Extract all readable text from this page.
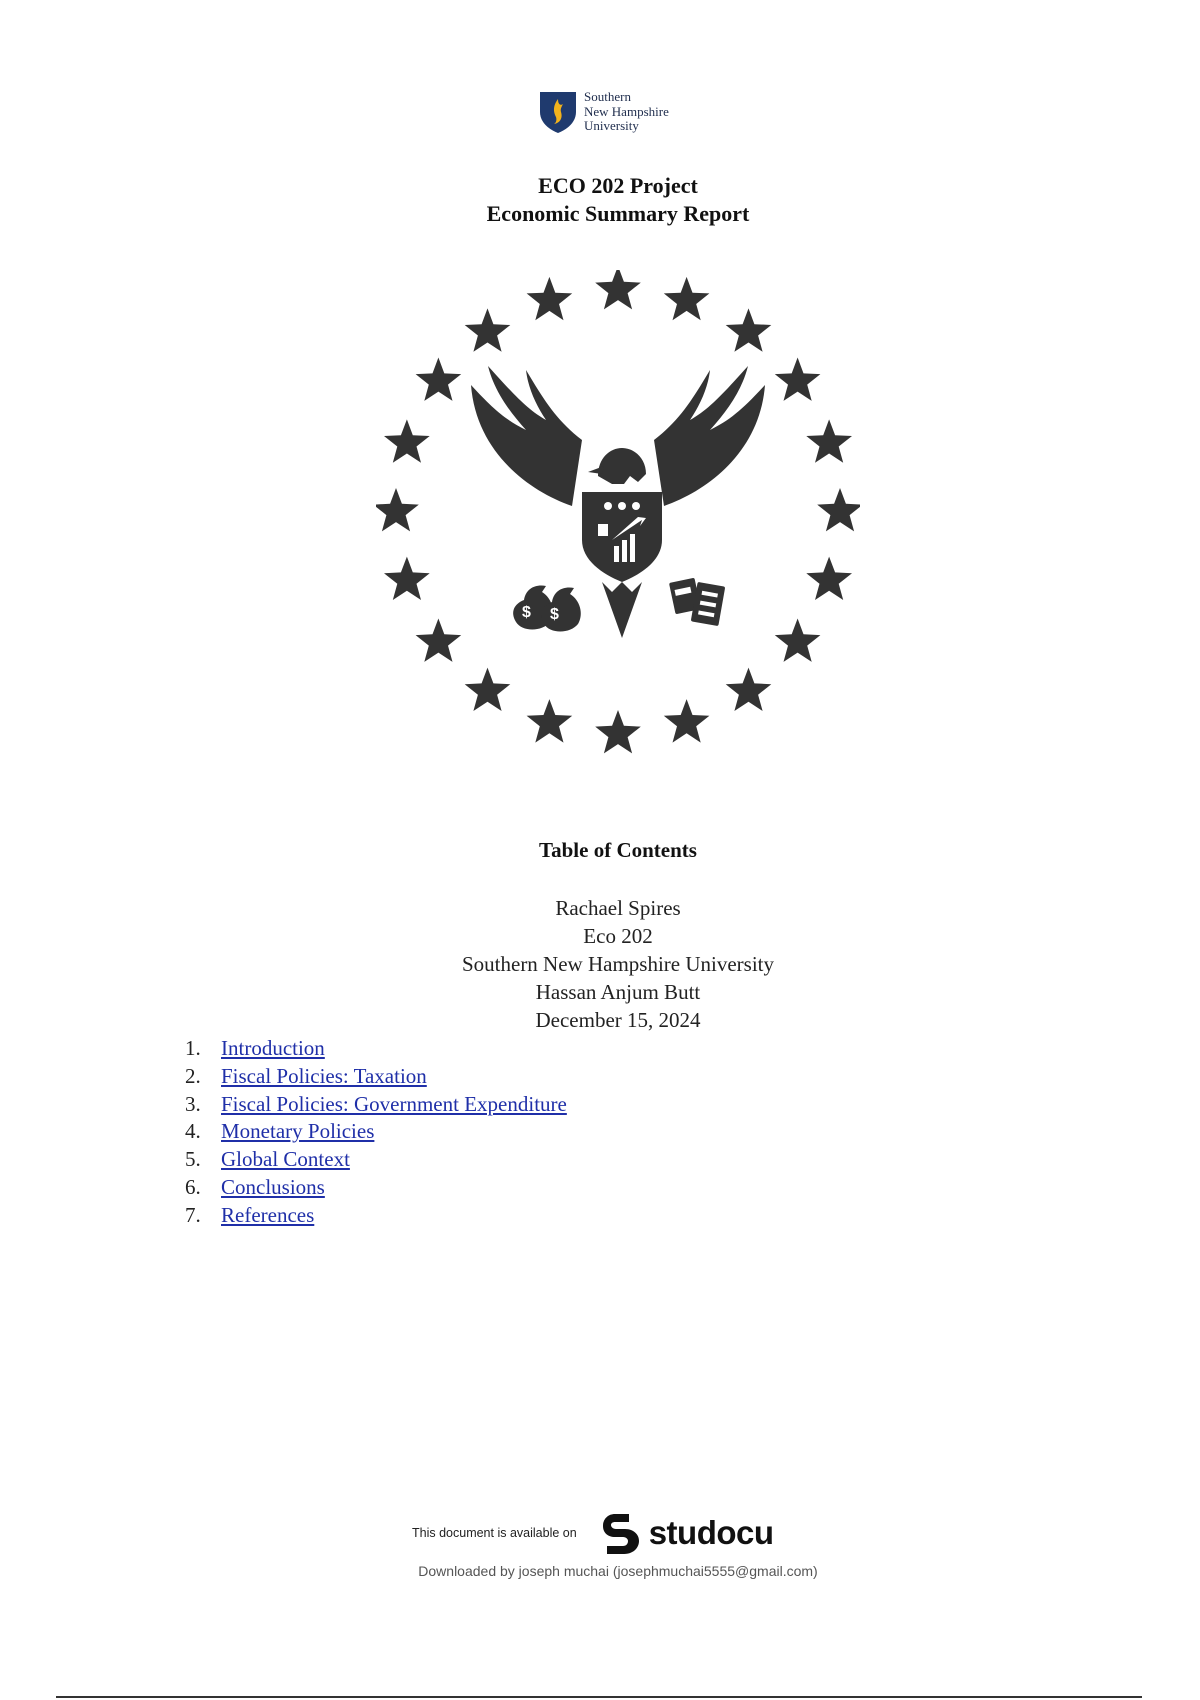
Southern
New Hampshire
University
ECO 202 Project
Economic Summary Report
$ $
Table of Contents
Rachael Spires
Eco 202
Southern New Hampshire University
Hassan Anjum Butt
December 15, 2024
1. Introduction
2. Fiscal Policies: Taxation
3. Fiscal Policies: Government Expenditure
4. Monetary Policies
5. Global Context
6. Conclusions
7. References
This document is available on studocu
Downloaded by joseph muchai (josephmuchai5555@gmail.com)
